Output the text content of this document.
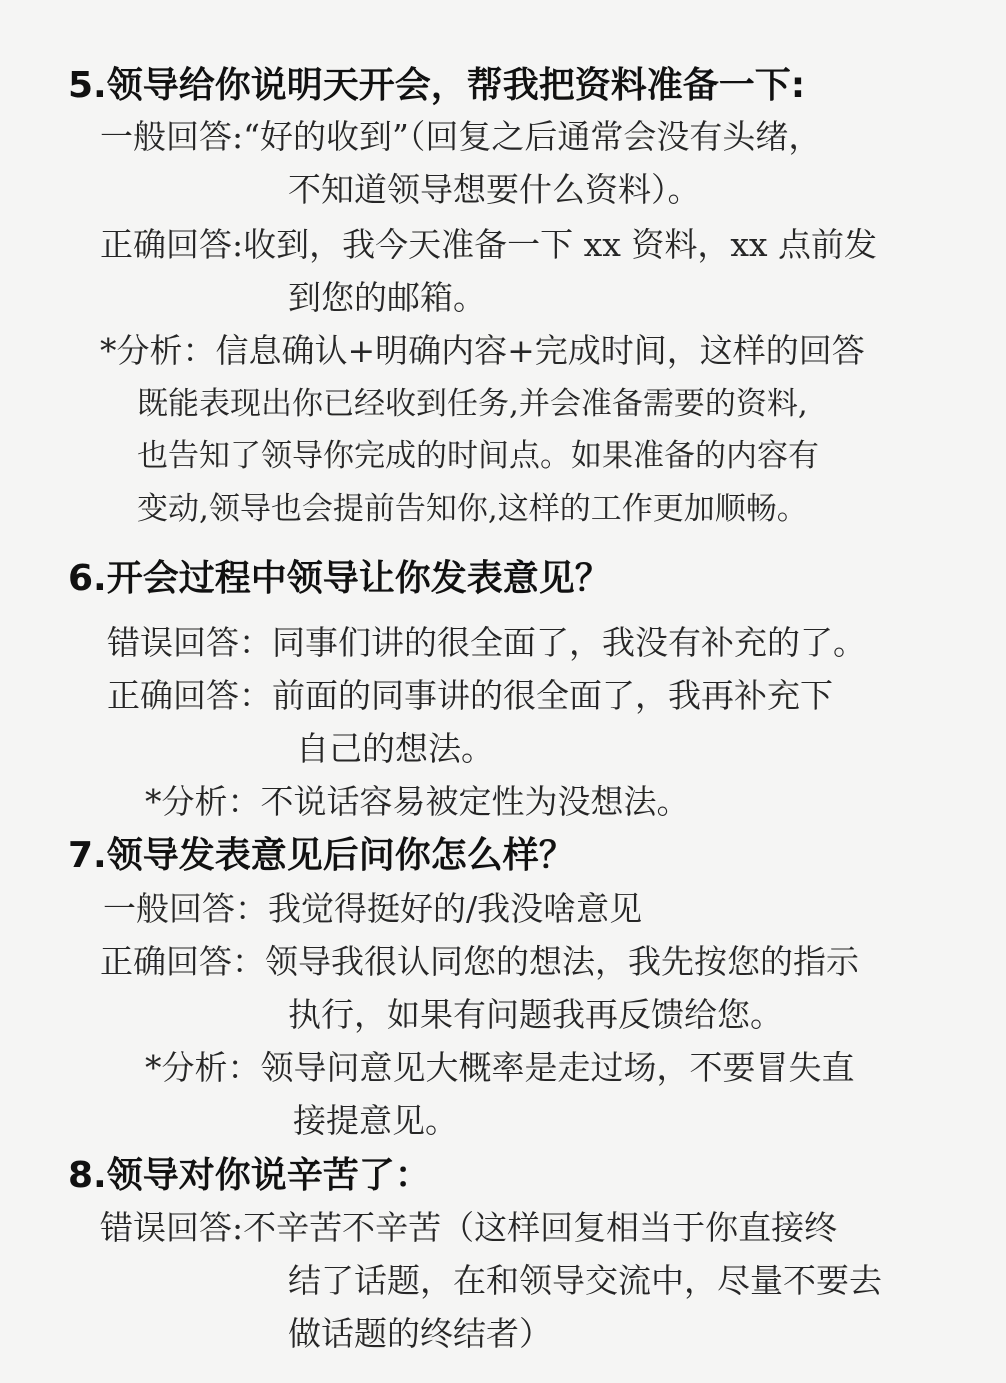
5.领导给你说明天开会，帮我把资料准备一下:
一般回答:“好的收到”（回复之后通常会没有头绪，
不知道领导想要什么资料）。
正确回答:收到，我今天准备一下 xx 资料，xx 点前发
到您的邮箱。
*分析：信息确认+明确内容+完成时间，这样的回答
既能表现出你已经收到任务,并会准备需要的资料,
也告知了领导你完成的时间点。如果准备的内容有
变动,领导也会提前告知你,这样的工作更加顺畅。
6.开会过程中领导让你发表意见？
错误回答：同事们讲的很全面了，我没有补充的了。
正确回答：前面的同事讲的很全面了，我再补充下
自己的想法。
*分析：不说话容易被定性为没想法。
7.领导发表意见后问你怎么样？
一般回答：我觉得挺好的/我没啥意见
正确回答：领导我很认同您的想法，我先按您的指示
执行，如果有问题我再反馈给您。
*分析：领导问意见大概率是走过场，不要冒失直
接提意见。
8.领导对你说辛苦了：
错误回答:不辛苦不辛苦（这样回复相当于你直接终
结了话题，在和领导交流中，尽量不要去
做话题的终结者）
